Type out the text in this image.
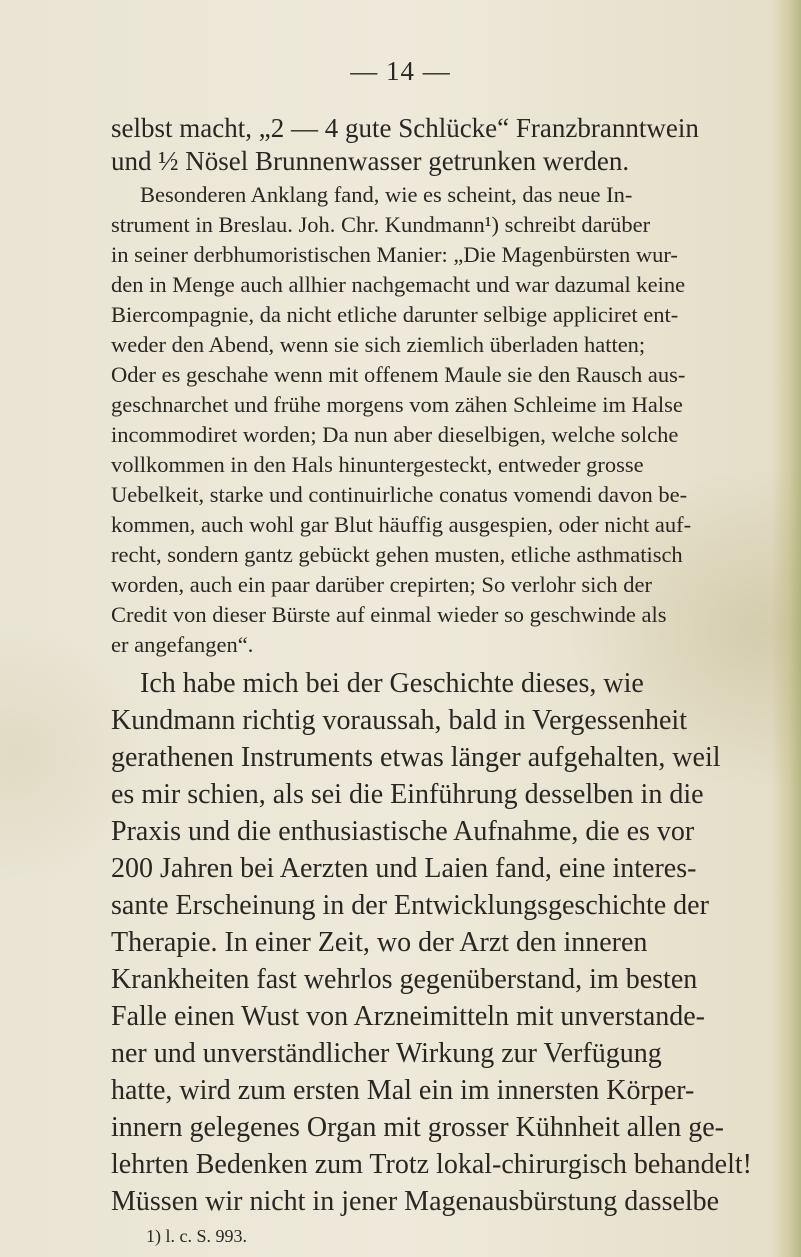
— 14 —
selbst macht, „2 — 4 gute Schlücke“ Franzbranntwein
und ½ Nösel Brunnenwasser getrunken werden.
Besonderen Anklang fand, wie es scheint, das neue In-
strument in Breslau. Joh. Chr. Kundmann¹) schreibt darüber
in seiner derbhumoristischen Manier: „Die Magenbürsten wur-
den in Menge auch allhier nachgemacht und war dazumal keine
Biercompagnie, da nicht etliche darunter selbige appliciret ent-
weder den Abend, wenn sie sich ziemlich überladen hatten;
Oder es geschahe wenn mit offenem Maule sie den Rausch aus-
geschnarchet und frühe morgens vom zähen Schleime im Halse
incommodiret worden; Da nun aber dieselbigen, welche solche
vollkommen in den Hals hinuntergesteckt, entweder grosse
Uebelkeit, starke und continuirliche conatus vomendi davon be-
kommen, auch wohl gar Blut häuffig ausgespien, oder nicht auf-
recht, sondern gantz gebückt gehen musten, etliche asthmatisch
worden, auch ein paar darüber crepirten; So verlohr sich der
Credit von dieser Bürste auf einmal wieder so geschwinde als
er angefangen“.
Ich habe mich bei der Geschichte dieses, wie
Kundmann richtig voraussah, bald in Vergessenheit
gerathenen Instruments etwas länger aufgehalten, weil
es mir schien, als sei die Einführung desselben in die
Praxis und die enthusiastische Aufnahme, die es vor
200 Jahren bei Aerzten und Laien fand, eine interes-
sante Erscheinung in der Entwicklungsgeschichte der
Therapie. In einer Zeit, wo der Arzt den inneren
Krankheiten fast wehrlos gegenüberstand, im besten
Falle einen Wust von Arzneimitteln mit unverstande-
ner und unverständlicher Wirkung zur Verfügung
hatte, wird zum ersten Mal ein im innersten Körper-
innern gelegenes Organ mit grosser Kühnheit allen ge-
lehrten Bedenken zum Trotz lokal-chirurgisch behandelt!
Müssen wir nicht in jener Magenausbürstung dasselbe
1) l. c. S. 993.
